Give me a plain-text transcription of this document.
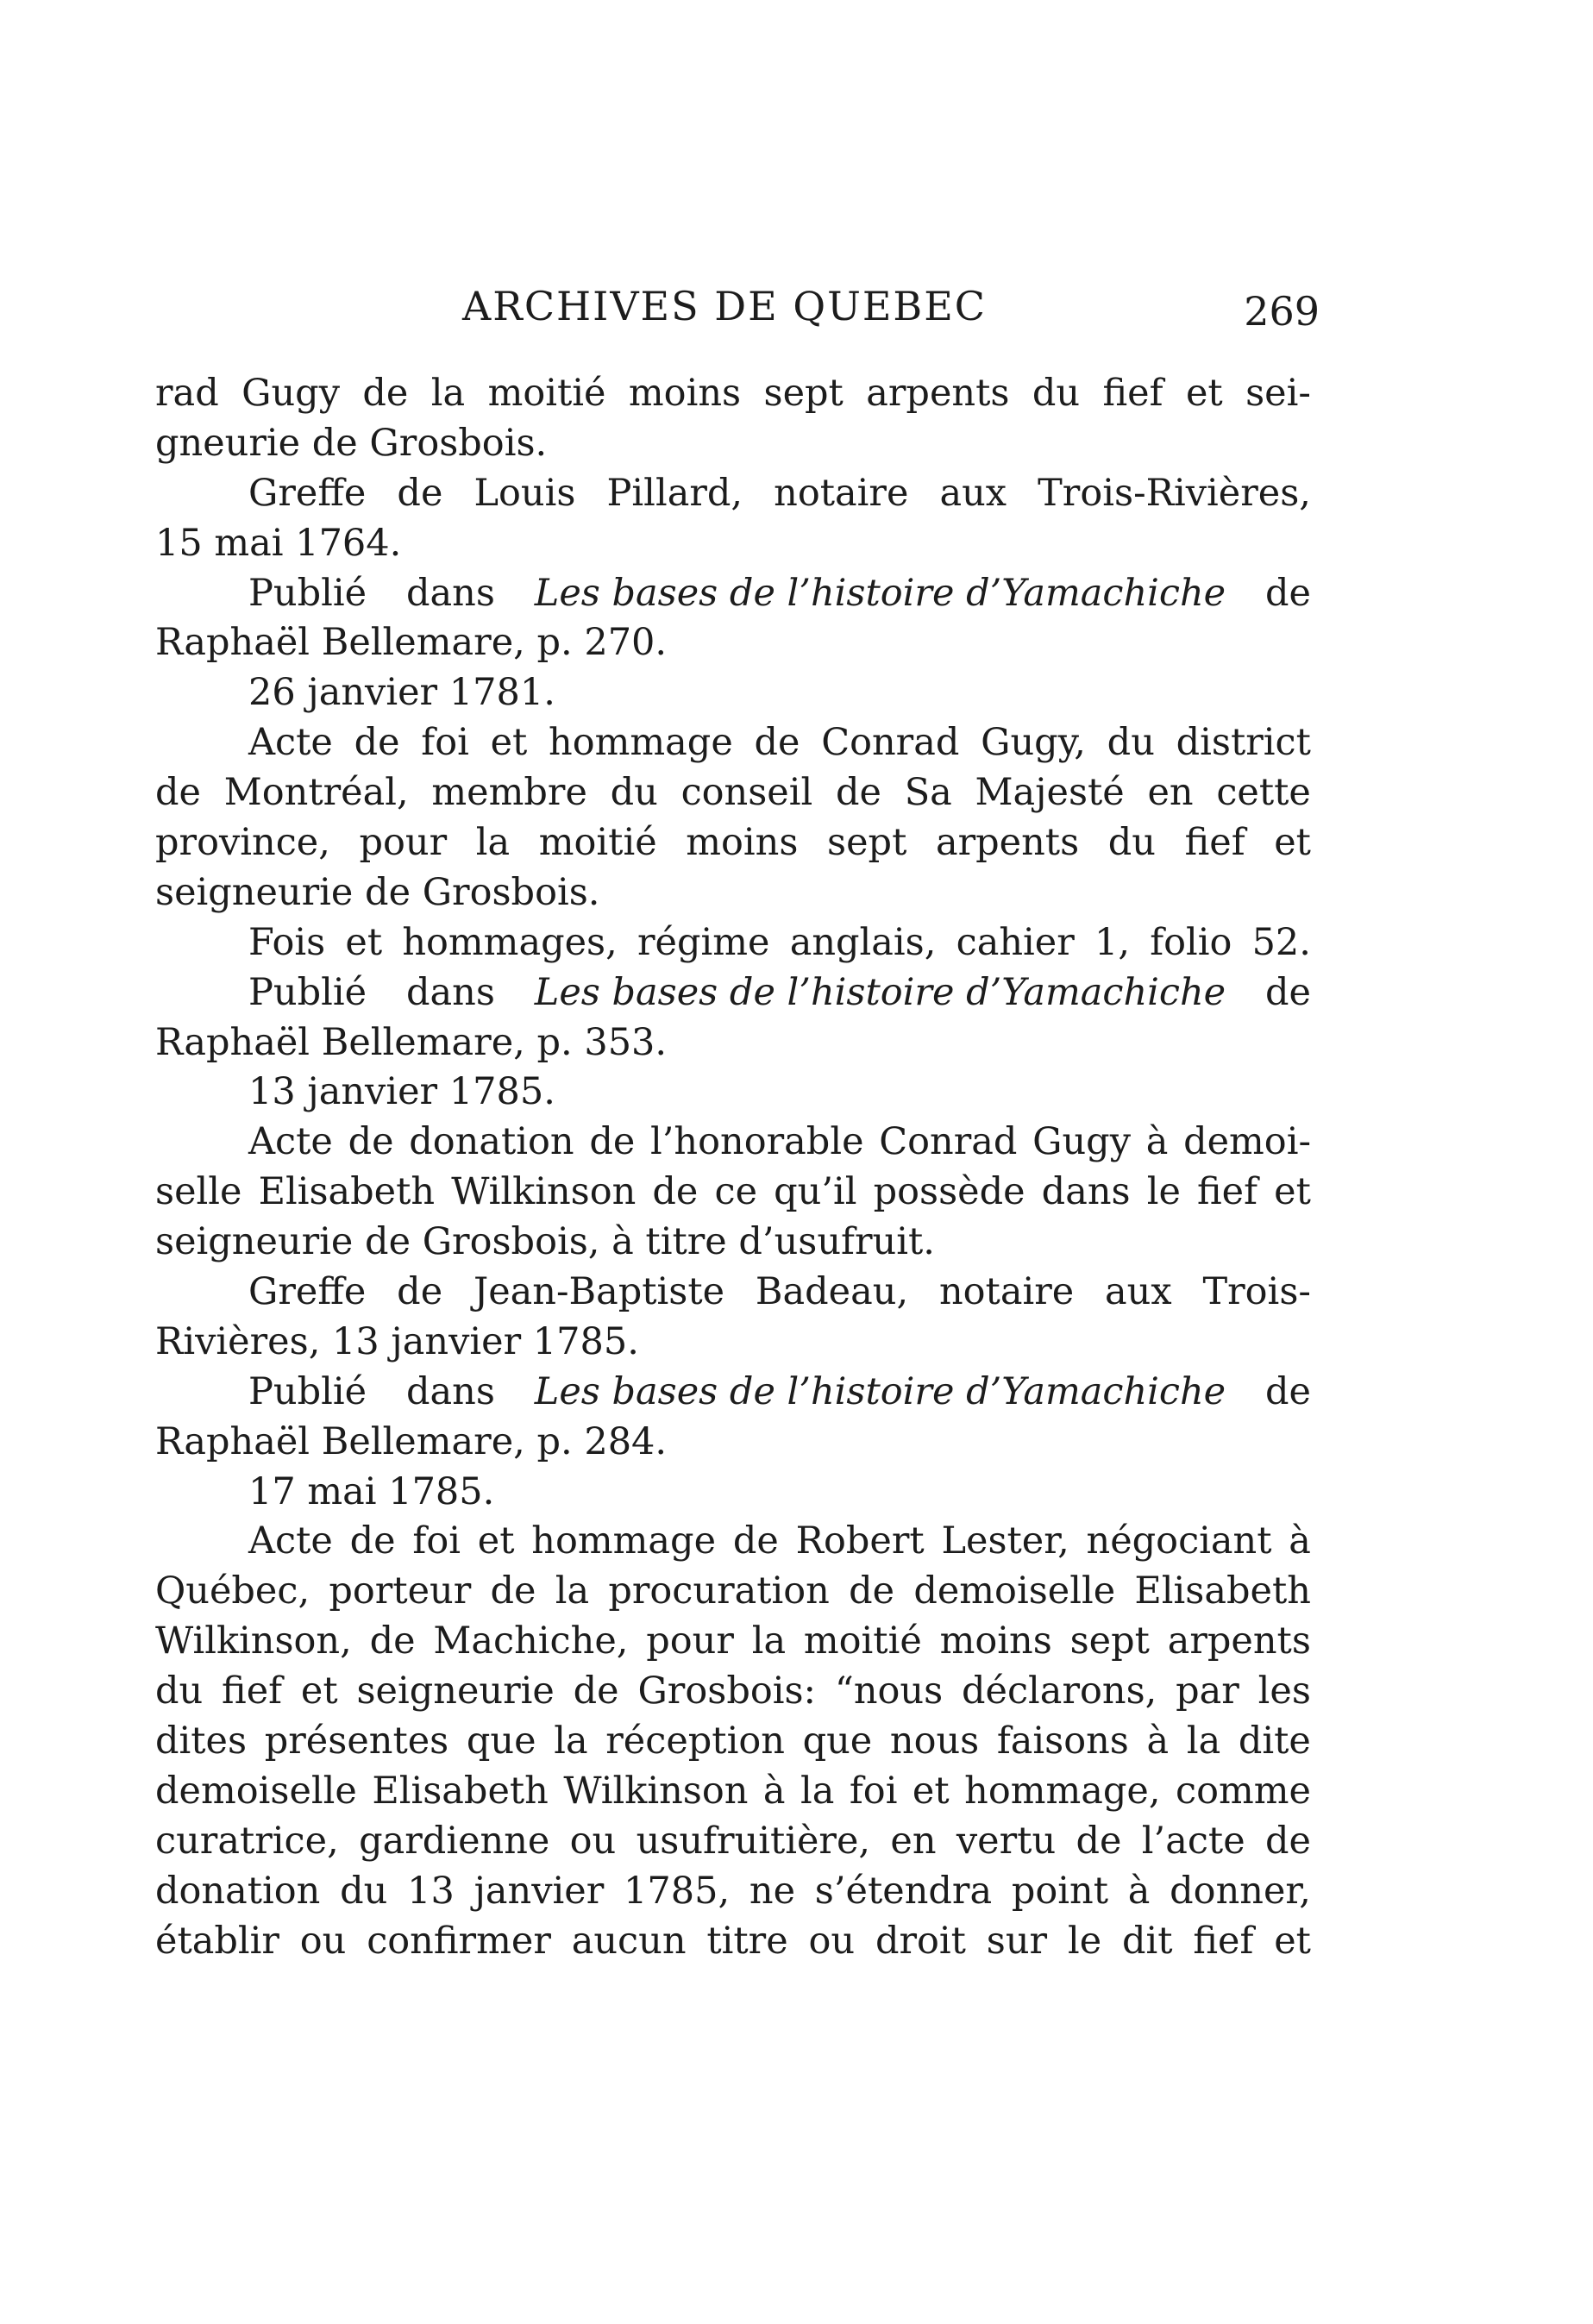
ARCHIVES DE QUEBEC	269
rad Gugy de la moitié moins sept arpents du fief et sei-
gneurie de Grosbois.
Greffe de Louis Pillard, notaire aux Trois-Rivières,
15 mai 1764.
Publié dans Les bases de l’histoire d’Yamachiche de
Raphaël Bellemare, p. 270.
26 janvier 1781.
Acte de foi et hommage de Conrad Gugy, du district
de Montréal, membre du conseil de Sa Majesté en cette
province, pour la moitié moins sept arpents du fief et
seigneurie de Grosbois.
Fois et hommages, régime anglais, cahier 1, folio 52.
Publié dans Les bases de l’histoire d’Yamachiche de
Raphaël Bellemare, p. 353.
13 janvier 1785.
Acte de donation de l’honorable Conrad Gugy à demoi-
selle Elisabeth Wilkinson de ce qu’il possède dans le fief et
seigneurie de Grosbois, à titre d’usufruit.
Greffe de Jean-Baptiste Badeau, notaire aux Trois-
Rivières, 13 janvier 1785.
Publié dans Les bases de l’histoire d’Yamachiche de
Raphaël Bellemare, p. 284.
17 mai 1785.
Acte de foi et hommage de Robert Lester, négociant à
Québec, porteur de la procuration de demoiselle Elisabeth
Wilkinson, de Machiche, pour la moitié moins sept arpents
du fief et seigneurie de Grosbois: “nous déclarons, par les
dites présentes que la réception que nous faisons à la dite
demoiselle Elisabeth Wilkinson à la foi et hommage, comme
curatrice, gardienne ou usufruitière, en vertu de l’acte de
donation du 13 janvier 1785, ne s’étendra point à donner,
établir ou confirmer aucun titre ou droit sur le dit fief et
